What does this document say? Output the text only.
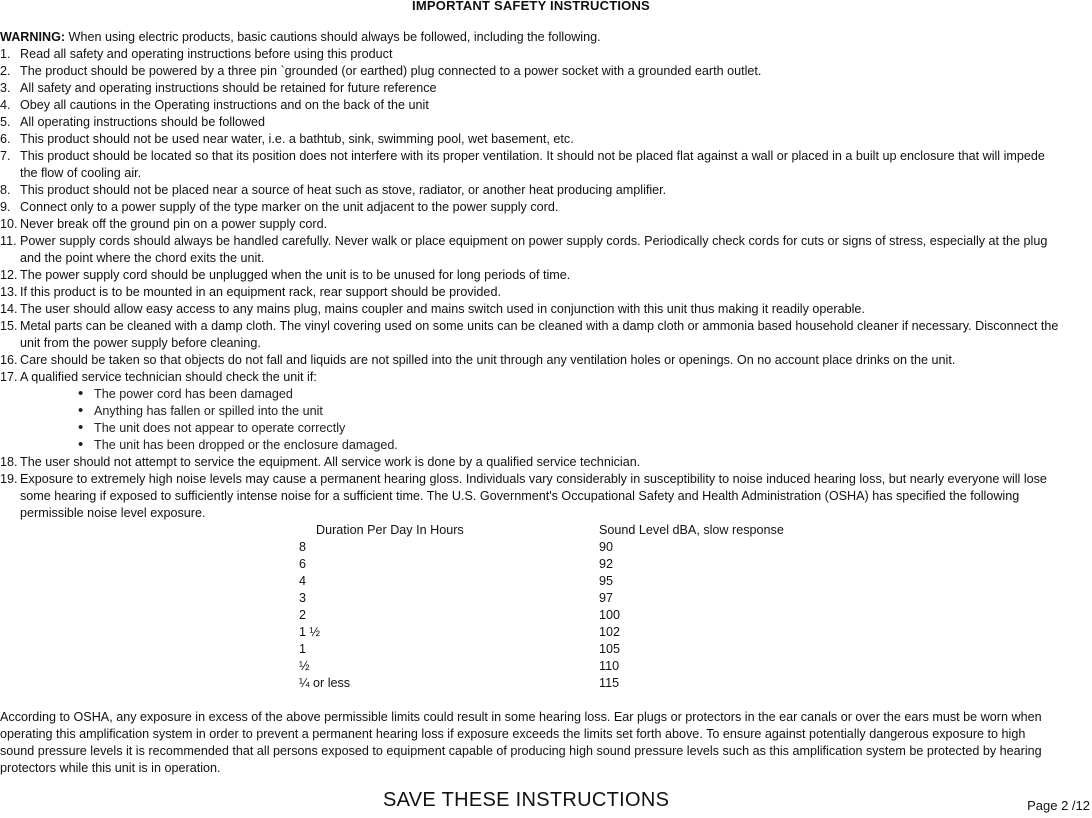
IMPORTANT SAFETY INSTRUCTIONS
WARNING: When using electric products, basic cautions should always be followed, including the following.
1. Read all safety and operating instructions before using this product
2. The product should be powered by a three pin `grounded (or earthed) plug connected to a power socket with a grounded earth outlet.
3. All safety and operating instructions should be retained for future reference
4. Obey all cautions in the Operating instructions and on the back of the unit
5. All operating instructions should be followed
6. This product should not be used near water, i.e. a bathtub, sink, swimming pool, wet basement, etc.
7. This product should be located so that its position does not interfere with its proper ventilation. It should not be placed flat against a wall or placed in a built up enclosure that will impede the flow of cooling air.
8. This product should not be placed near a source of heat such as stove, radiator, or another heat producing amplifier.
9. Connect only to a power supply of the type marker on the unit adjacent to the power supply cord.
10. Never break off the ground pin on a power supply cord.
11. Power supply cords should always be handled carefully. Never walk or place equipment on power supply cords. Periodically check cords for cuts or signs of stress, especially at the plug and the point where the chord exits the unit.
12. The power supply cord should be unplugged when the unit is to be unused for long periods of time.
13. If this product is to be mounted in an equipment rack, rear support should be provided.
14. The user should allow easy access to any mains plug, mains coupler and mains switch used in conjunction with this unit thus making it readily operable.
15. Metal parts can be cleaned with a damp cloth. The vinyl covering used on some units can be cleaned with a damp cloth or ammonia based household cleaner if necessary. Disconnect the unit from the power supply before cleaning.
16. Care should be taken so that objects do not fall and liquids are not spilled into the unit through any ventilation holes or openings. On no account place drinks on the unit.
17. A qualified service technician should check the unit if:
• The power cord has been damaged
• Anything has fallen or spilled into the unit
• The unit does not appear to operate correctly
• The unit has been dropped or the enclosure damaged.
18. The user should not attempt to service the equipment. All service work is done by a qualified service technician.
19. Exposure to extremely high noise levels may cause a permanent hearing gloss. Individuals vary considerably in susceptibility to noise induced hearing loss, but nearly everyone will lose some hearing if exposed to sufficiently intense noise for a sufficient time. The U.S. Government's Occupational Safety and Health Administration (OSHA) has specified the following permissible noise level exposure.
Duration Per Day In Hours	Sound Level dBA, slow response
8	90
6	92
4	95
3	97
2	100
1 ½	102
1	105
½	110
¼ or less	115
According to OSHA, any exposure in excess of the above permissible limits could result in some hearing loss. Ear plugs or protectors in the ear canals or over the ears must be worn when operating this amplification system in order to prevent a permanent hearing loss if exposure exceeds the limits set forth above. To ensure against potentially dangerous exposure to high sound pressure levels it is recommended that all persons exposed to equipment capable of producing high sound pressure levels such as this amplification system be protected by hearing protectors while this unit is in operation.
SAVE THESE INSTRUCTIONS	Page 2 /12
